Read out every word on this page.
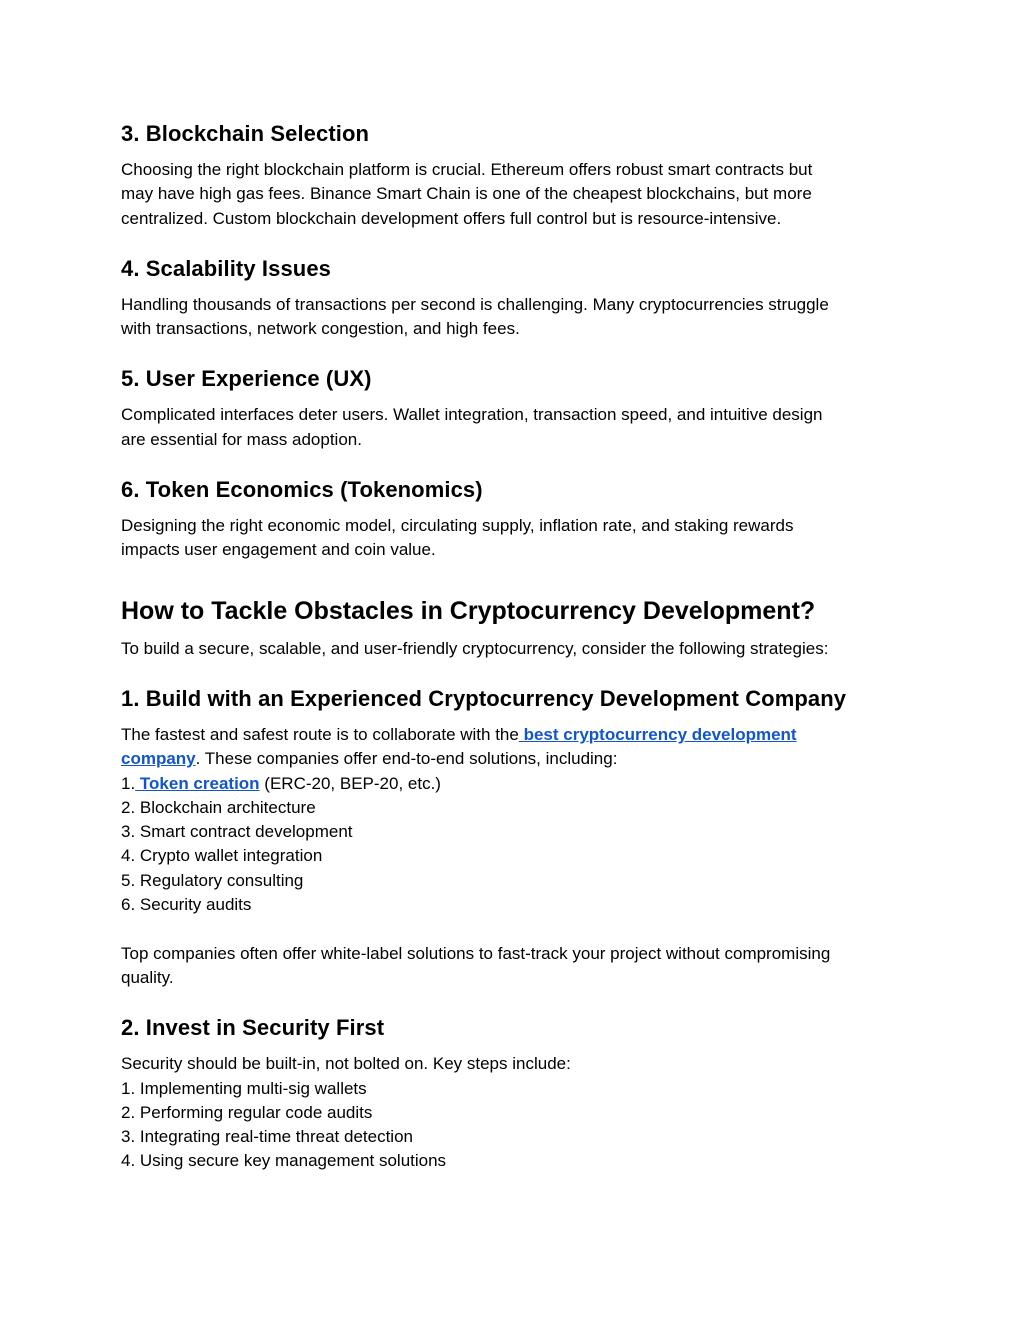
3. Blockchain Selection
Choosing the right blockchain platform is crucial. Ethereum offers robust smart contracts but
may have high gas fees. Binance Smart Chain is one of the cheapest blockchains, but more
centralized. Custom blockchain development offers full control but is resource-intensive.
4. Scalability Issues
Handling thousands of transactions per second is challenging. Many cryptocurrencies struggle
with transactions, network congestion, and high fees.
5. User Experience (UX)
Complicated interfaces deter users. Wallet integration, transaction speed, and intuitive design
are essential for mass adoption.
6. Token Economics (Tokenomics)
Designing the right economic model, circulating supply, inflation rate, and staking rewards
impacts user engagement and coin value.
How to Tackle Obstacles in Cryptocurrency Development?
To build a secure, scalable, and user-friendly cryptocurrency, consider the following strategies:
1. Build with an Experienced Cryptocurrency Development Company
The fastest and safest route is to collaborate with the best cryptocurrency development
company. These companies offer end-to-end solutions, including:
1. Token creation (ERC-20, BEP-20, etc.)
2. Blockchain architecture
3. Smart contract development
4. Crypto wallet integration
5. Regulatory consulting
6. Security audits
Top companies often offer white-label solutions to fast-track your project without compromising
quality.
2. Invest in Security First
Security should be built-in, not bolted on. Key steps include:
1. Implementing multi-sig wallets
2. Performing regular code audits
3. Integrating real-time threat detection
4. Using secure key management solutions
